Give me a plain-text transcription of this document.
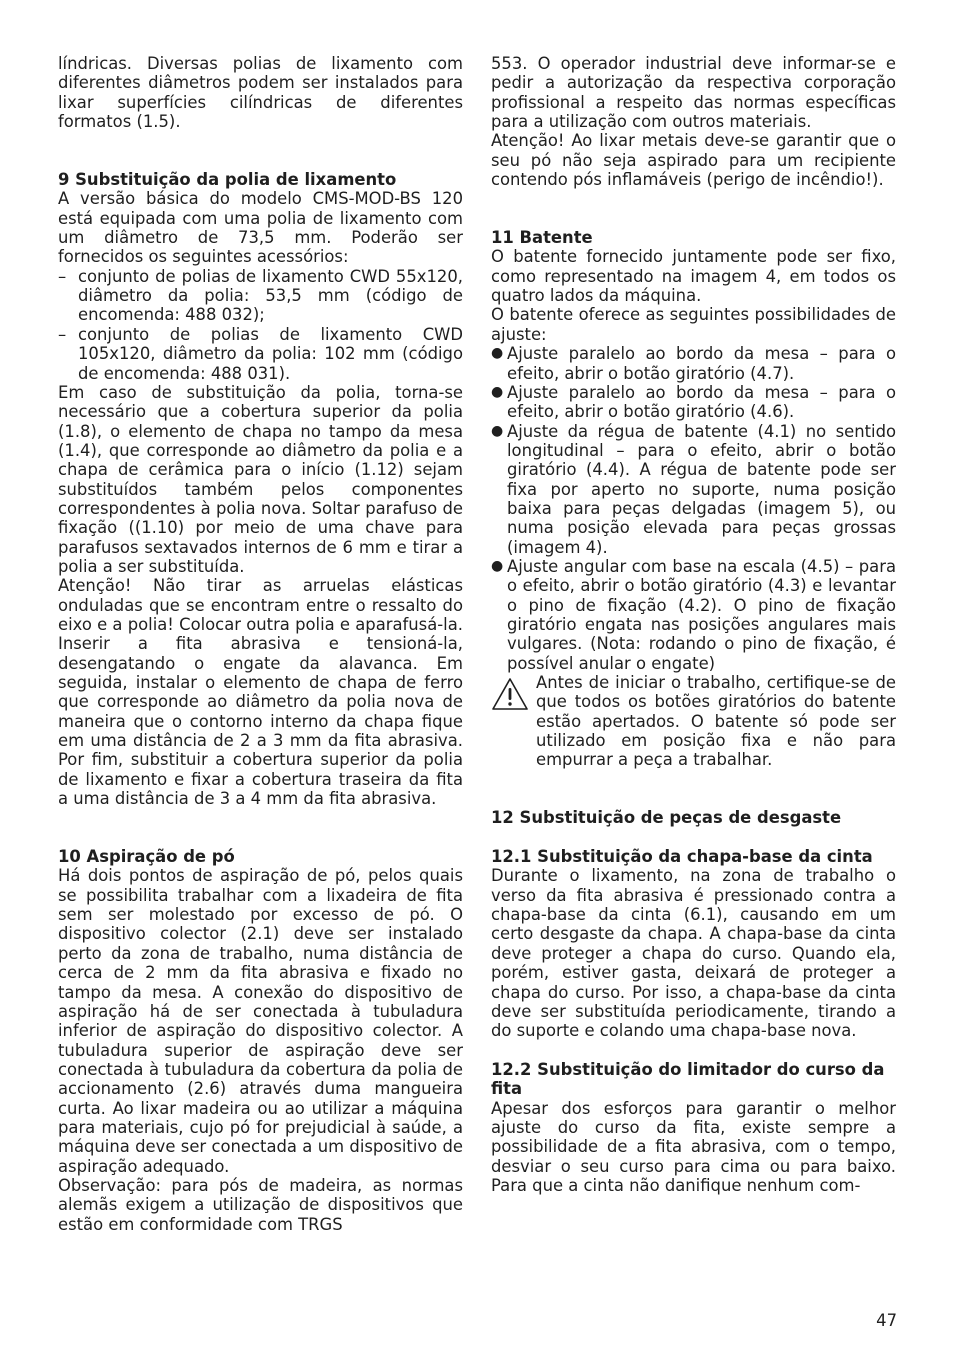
líndricas. Diversas polias de lixamento com diferentes diâmetros podem ser instalados para lixar superfícies cilíndricas de diferentes formatos (1.5).

9 Substituição da polia de lixamento

A versão básica do modelo CMS-MOD-BS 120 está equipada com uma polia de lixamento com um diâmetro de 73,5 mm. Poderão ser fornecidos os seguintes acessórios:

– conjunto de polias de lixamento CWD 55x120, diâmetro da polia: 53,5 mm (código de encomenda: 488 032);
– conjunto de polias de lixamento CWD 105x120, diâmetro da polia: 102 mm (código de encomenda: 488 031).

Em caso de substituição da polia, torna-se necessário que a cobertura superior da polia (1.8), o elemento de chapa no tampo da mesa (1.4), que corresponde ao diâmetro da polia e a chapa de cerâmica para o início (1.12) sejam substituídos também pelos componentes correspondentes à polia nova. Soltar parafuso de fixação ((1.10) por meio de uma chave para parafusos sextavados internos de 6 mm e tirar a polia a ser substituída.

Atenção! Não tirar as arruelas elásticas onduladas que se encontram entre o ressalto do eixo e a polia! Colocar outra polia e aparafusá-la. Inserir a fita abrasiva e tensioná-la, desengatando o engate da alavanca. Em seguida, instalar o elemento de chapa de ferro que corresponde ao diâmetro da polia nova de maneira que o contorno interno da chapa fique em uma distância de 2 a 3 mm da fita abrasiva. Por fim, substituir a cobertura superior da polia de lixamento e fixar a cobertura traseira da fita a uma distância de 3 a 4 mm da fita abrasiva.

10 Aspiração de pó

Há dois pontos de aspiração de pó, pelos quais se possibilita trabalhar com a lixadeira de fita sem ser molestado por excesso de pó. O dispositivo colector (2.1) deve ser instalado perto da zona de trabalho, numa distância de cerca de 2 mm da fita abrasiva e fixado no tampo da mesa. A conexão do dispositivo de aspiração há de ser conectada à tubuladura inferior de aspiração do dispositivo colector. A tubuladura superior de aspiração deve ser conectada à tubuladura da cobertura da polia de accionamento (2.6) através duma mangueira curta. Ao lixar madeira ou ao utilizar a máquina para materiais, cujo pó for prejudicial à saúde, a máquina deve ser conectada a um dispositivo de aspiração adequado.

Observação: para pós de madeira, as normas alemãs exigem a utilização de dispositivos que estão em conformidade com TRGS

553. O operador industrial deve informar-se e pedir a autorização da respectiva corporação profissional a respeito das normas específicas para a utilização com outros materiais.

Atenção! Ao lixar metais deve-se garantir que o seu pó não seja aspirado para um recipiente contendo pós inflamáveis (perigo de incêndio!).

11 Batente

O batente fornecido juntamente pode ser fixo, como representado na imagem 4, em todos os quatro lados da máquina.

O batente oferece as seguintes possibilidades de ajuste:

● Ajuste paralelo ao bordo da mesa – para o efeito, abrir o botão giratório (4.7).
● Ajuste paralelo ao bordo da mesa – para o efeito, abrir o botão giratório (4.6).
● Ajuste da régua de batente (4.1) no sentido longitudinal – para o efeito, abrir o botão giratório (4.4). A régua de batente pode ser fixa por aperto no suporte, numa posição baixa para peças delgadas (imagem 5), ou numa posição elevada para peças grossas (imagem 4).
● Ajuste angular com base na escala (4.5) – para o efeito, abrir o botão giratório (4.3) e levantar o pino de fixação (4.2). O pino de fixação giratório engata nas posições angulares mais vulgares. (Nota: rodando o pino de fixação, é possível anular o engate)

Antes de iniciar o trabalho, certifique-se de que todos os botões giratórios do batente estão apertados. O batente só pode ser utilizado em posição fixa e não para empurrar a peça a trabalhar.

12 Substituição de peças de desgaste
12.1 Substituição da chapa-base da cinta

Durante o lixamento, na zona de trabalho o verso da fita abrasiva é pressionado contra a chapa-base da cinta (6.1), causando em um certo desgaste da chapa. A chapa-base da cinta deve proteger a chapa do curso. Quando ela, porém, estiver gasta, deixará de proteger a chapa do curso. Por isso, a chapa-base da cinta deve ser substituída periodicamente, tirando a do suporte e colando uma chapa-base nova.

12.2 Substituição do limitador do curso da fita

Apesar dos esforços para garantir o melhor ajuste do curso da fita, existe sempre a possibilidade de a fita abrasiva, com o tempo, desviar o seu curso para cima ou para baixo. Para que a cinta não danifique nenhum com-

47
